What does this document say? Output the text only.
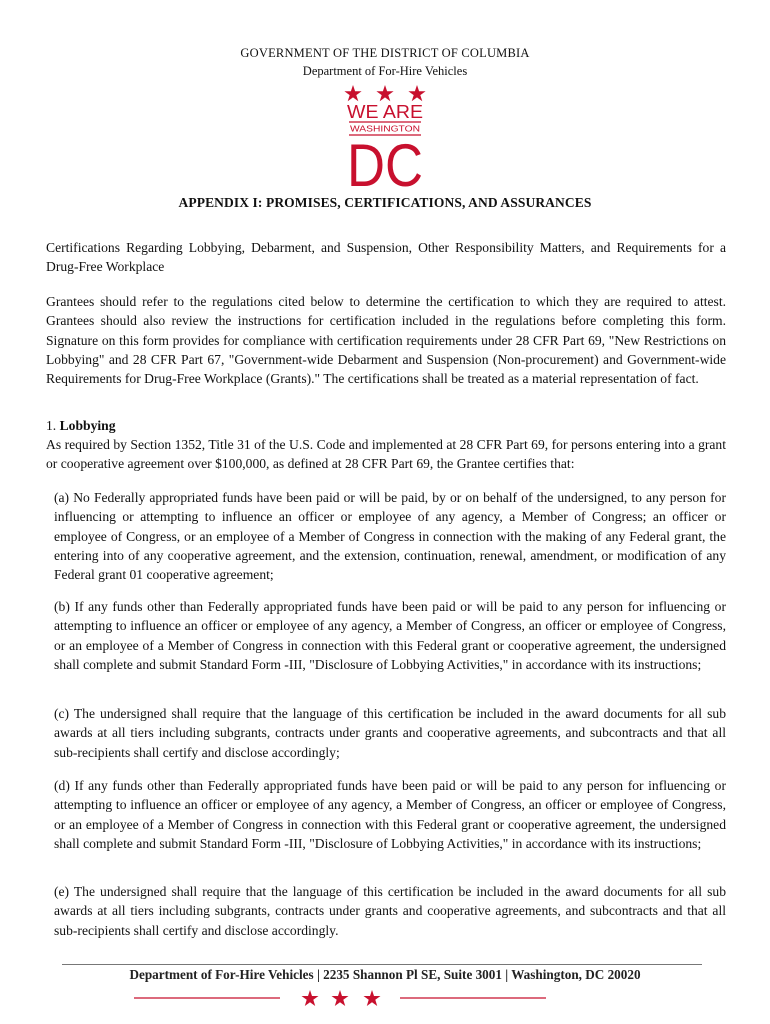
GOVERNMENT OF THE DISTRICT OF COLUMBIA
Department of For-Hire Vehicles
WE ARE
WASHINGTON
DC
APPENDIX I: PROMISES, CERTIFICATIONS, AND ASSURANCES

Certifications Regarding Lobbying, Debarment, and Suspension, Other Responsibility Matters, and Requirements for a Drug-Free Workplace

Grantees should refer to the regulations cited below to determine the certification to which they are required to attest. Grantees should also review the instructions for certification included in the regulations before completing this form. Signature on this form provides for compliance with certification requirements under 28 CFR Part 69, "New Restrictions on Lobbying" and 28 CFR Part 67, "Government-wide Debarment and Suspension (Non-procurement) and Government-wide Requirements for Drug-Free Workplace (Grants)." The certifications shall be treated as a material representation of fact.

1. Lobbying

As required by Section 1352, Title 31 of the U.S. Code and implemented at 28 CFR Part 69, for persons entering into a grant or cooperative agreement over $100,000, as defined at 28 CFR Part 69, the Grantee certifies that:

(a) No Federally appropriated funds have been paid or will be paid, by or on behalf of the undersigned, to any person for influencing or attempting to influence an officer or employee of any agency, a Member of Congress; an officer or employee of Congress, or an employee of a Member of Congress in connection with the making of any Federal grant, the entering into of any cooperative agreement, and the extension, continuation, renewal, amendment, or modification of any Federal grant 01 cooperative agreement;

(b) If any funds other than Federally appropriated funds have been paid or will be paid to any person for influencing or attempting to influence an officer or employee of any agency, a Member of Congress, an officer or employee of Congress, or an employee of a Member of Congress in connection with this Federal grant or cooperative agreement, the undersigned shall complete and submit Standard Form -III, "Disclosure of Lobbying Activities," in accordance with its instructions;

(c) The undersigned shall require that the language of this certification be included in the award documents for all sub awards at all tiers including subgrants, contracts under grants and cooperative agreements, and subcontracts and that all sub-recipients shall certify and disclose accordingly;

(d) If any funds other than Federally appropriated funds have been paid or will be paid to any person for influencing or attempting to influence an officer or employee of any agency, a Member of Congress, an officer or employee of Congress, or an employee of a Member of Congress in connection with this Federal grant or cooperative agreement, the undersigned shall complete and submit Standard Form -III, "Disclosure of Lobbying Activities," in accordance with its instructions;

(e) The undersigned shall require that the language of this certification be included in the award documents for all sub awards at all tiers including subgrants, contracts under grants and cooperative agreements, and subcontracts and that all sub-recipients shall certify and disclose accordingly.

Department of For-Hire Vehicles | 2235 Shannon Pl SE, Suite 3001 | Washington, DC 20020
